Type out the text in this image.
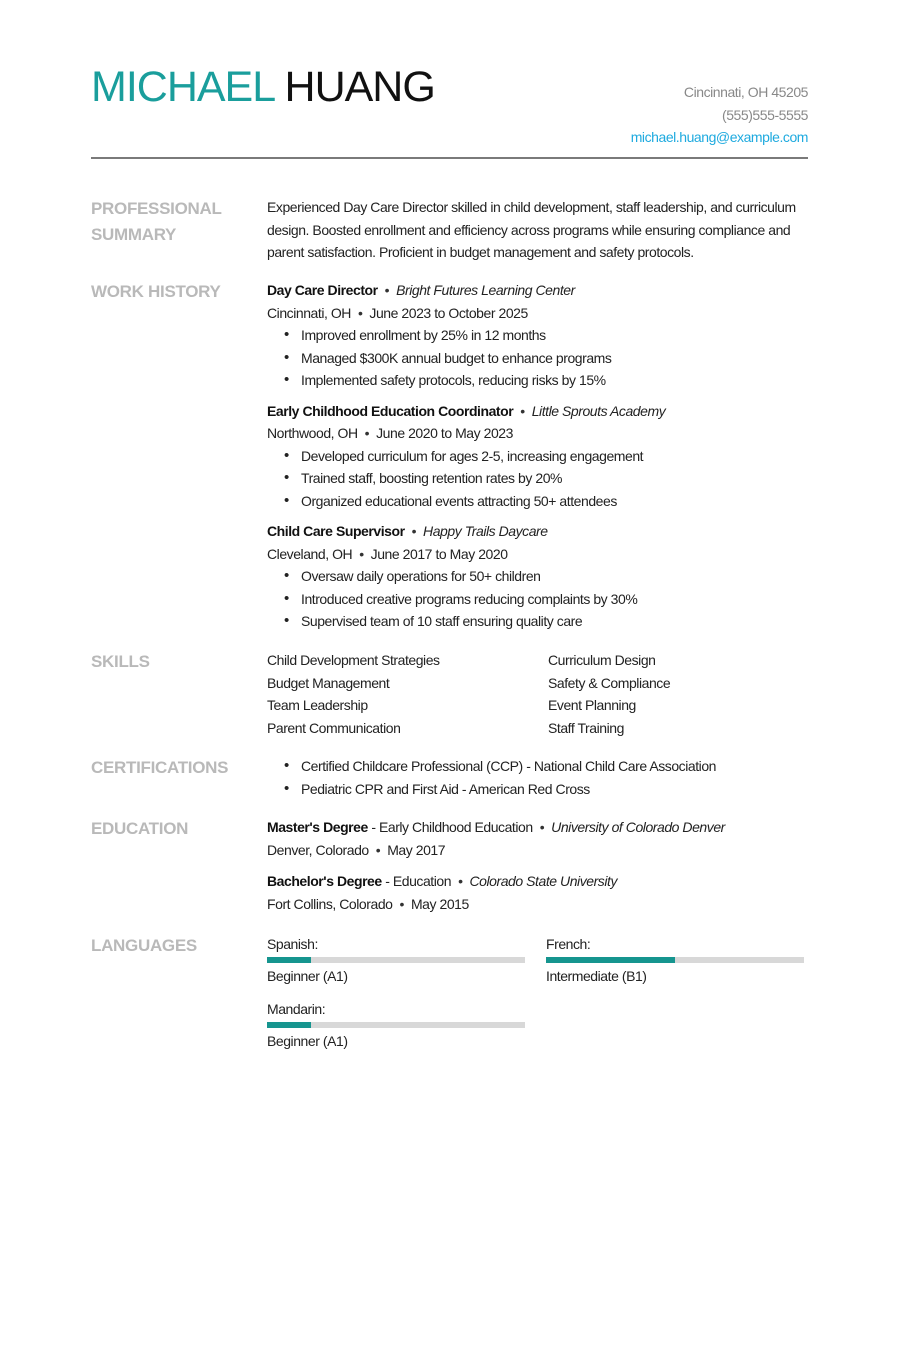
MICHAEL HUANG	Cincinnati, OH 45205
(555)555-5555
michael.huang@example.com
PROFESSIONAL
SUMMARY

Experienced Day Care Director skilled in child development, staff leadership, and curriculum design. Boosted enrollment and efficiency across programs while ensuring compliance and parent satisfaction. Proficient in budget management and safety protocols.

WORK HISTORY	Day Care Director • Bright Futures Learning Center
Cincinnati, OH • June 2023 to October 2025
• Improved enrollment by 25% in 12 months
• Managed $300K annual budget to enhance programs
• Implemented safety protocols, reducing risks by 15%
Early Childhood Education Coordinator • Little Sprouts Academy
Northwood, OH • June 2020 to May 2023
• Developed curriculum for ages 2-5, increasing engagement
• Trained staff, boosting retention rates by 20%
• Organized educational events attracting 50+ attendees
Child Care Supervisor • Happy Trails Daycare
Cleveland, OH • June 2017 to May 2020
• Oversaw daily operations for 50+ children
• Introduced creative programs reducing complaints by 30%
• Supervised team of 10 staff ensuring quality care
SKILLS	Child Development Strategies	Curriculum Design
Budget Management	Safety & Compliance
Team Leadership	Event Planning
Parent Communication	Staff Training
CERTIFICATIONS	• Certified Childcare Professional (CCP) - National Child Care Association
• Pediatric CPR and First Aid - American Red Cross
EDUCATION	Master's Degree - Early Childhood Education • University of Colorado Denver
Denver, Colorado • May 2017
Bachelor's Degree - Education • Colorado State University
Fort Collins, Colorado • May 2015
LANGUAGES	Spanish:
Beginner (A1)
French:
Intermediate (B1)
Mandarin:
Beginner (A1)
